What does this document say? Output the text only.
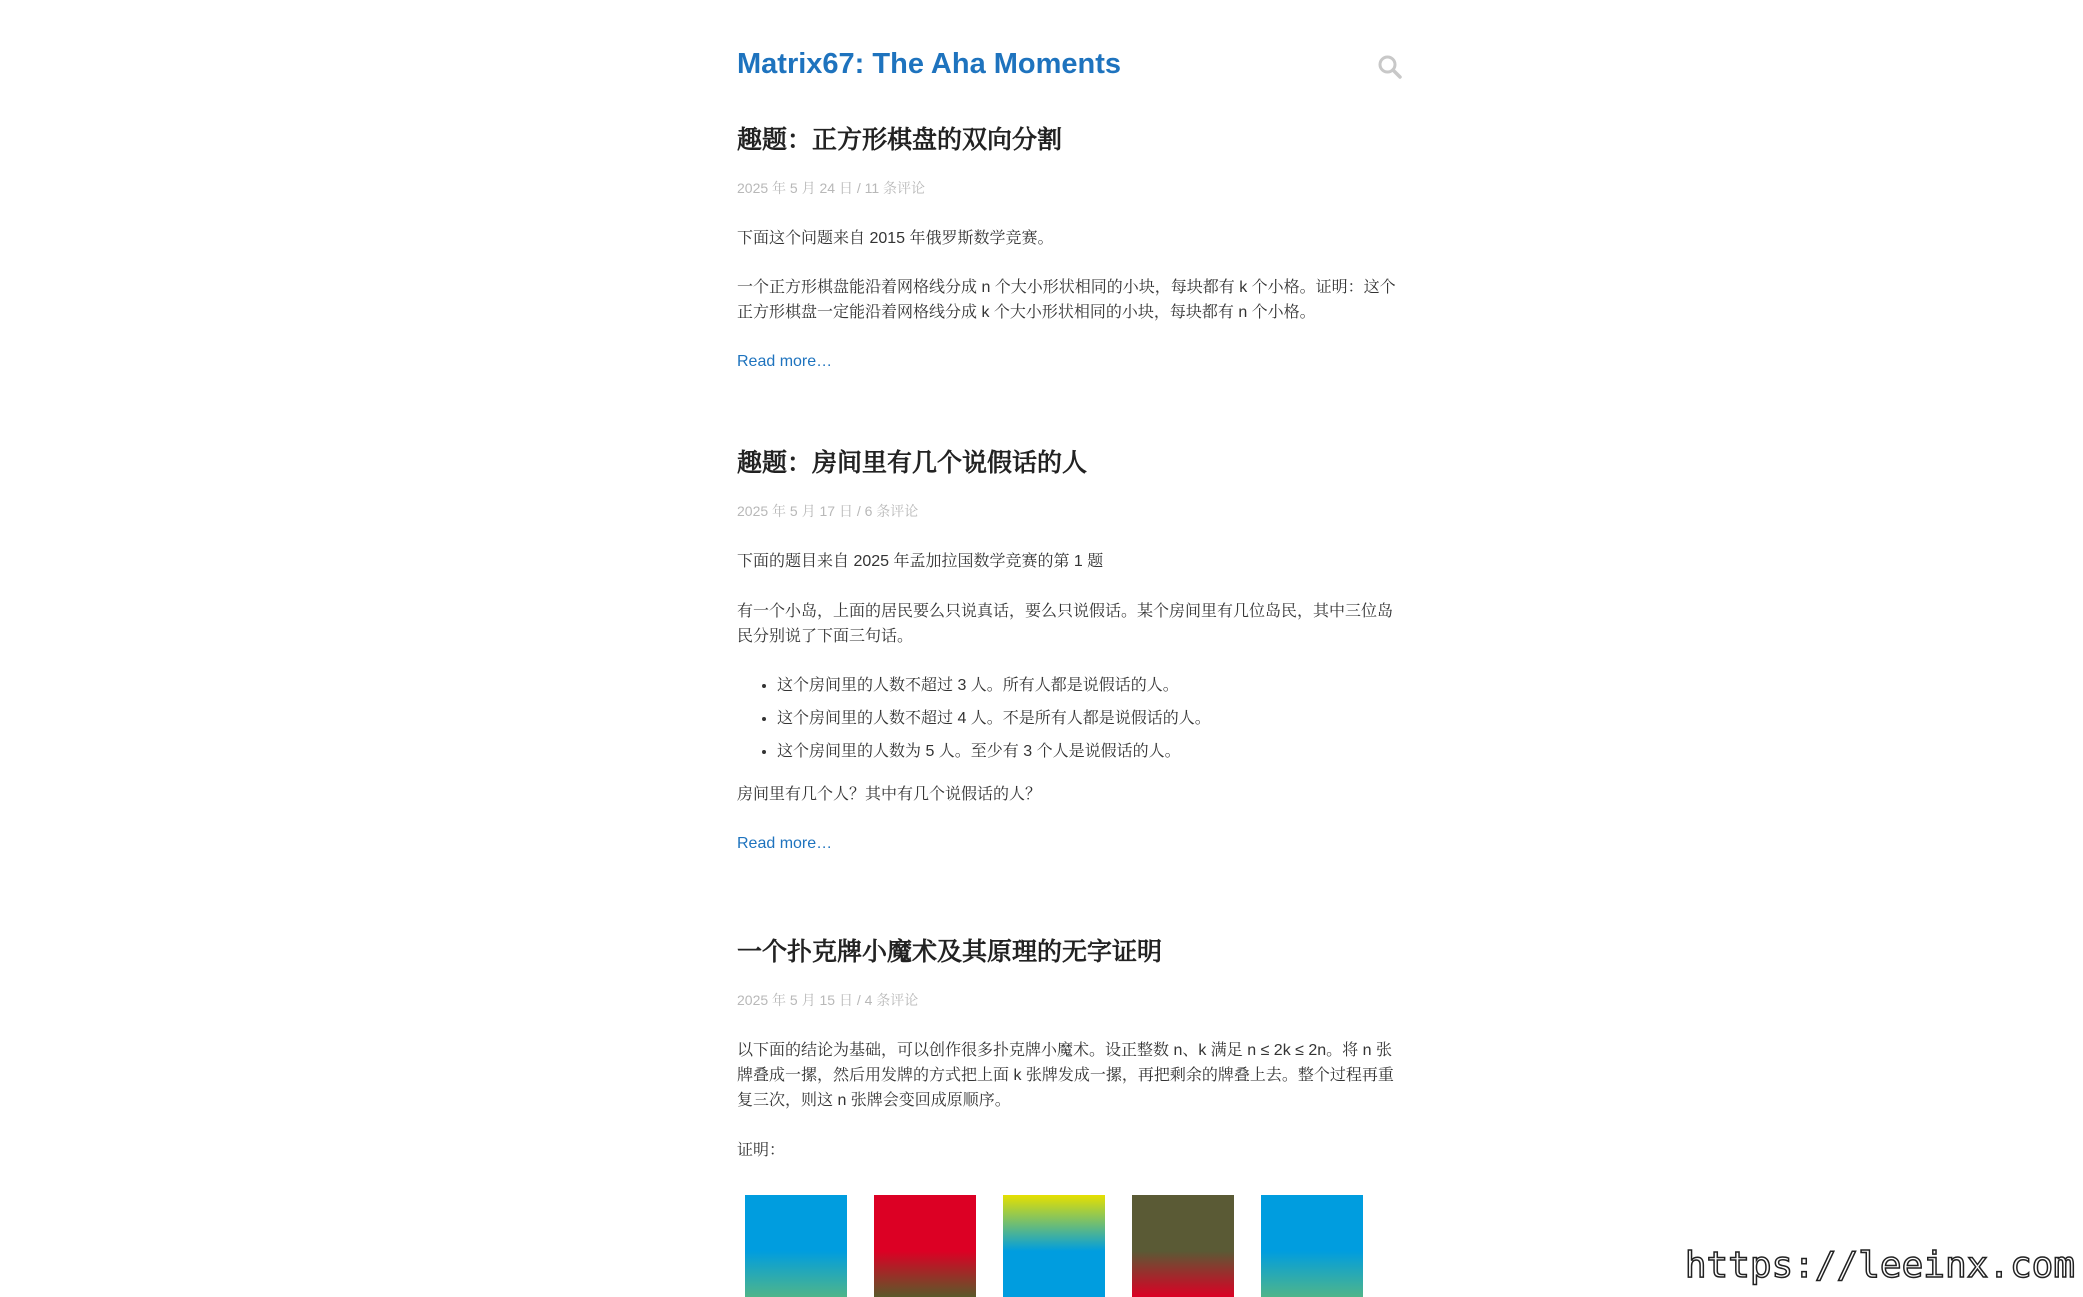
Matrix67: The Aha Moments
趣题：正方形棋盘的双向分割
2025 年 5 月 24 日 / 11 条评论

下面这个问题来自 2015 年俄罗斯数学竞赛。

一个正方形棋盘能沿着网格线分成 n 个大小形状相同的小块，每块都有 k 个小格。证明：这个正方形棋盘一定能沿着网格线分成 k 个大小形状相同的小块，每块都有 n 个小格。

Read more…
趣题：房间里有几个说假话的人
2025 年 5 月 17 日 / 6 条评论

下面的题目来自 2025 年孟加拉国数学竞赛的第 1 题

有一个小岛，上面的居民要么只说真话，要么只说假话。某个房间里有几位岛民，其中三位岛民分别说了下面三句话。

• 这个房间里的人数不超过 3 人。所有人都是说假话的人。
• 这个房间里的人数不超过 4 人。不是所有人都是说假话的人。
• 这个房间里的人数为 5 人。至少有 3 个人是说假话的人。

房间里有几个人？其中有几个说假话的人？

Read more…
一个扑克牌小魔术及其原理的无字证明
2025 年 5 月 15 日 / 4 条评论

以下面的结论为基础，可以创作很多扑克牌小魔术。设正整数 n、k 满足 n ≤ 2k ≤ 2n。将 n 张牌叠成一摞，然后用发牌的方式把上面 k 张牌发成一摞，再把剩余的牌叠上去。整个过程再重复三次，则这 n 张牌会变回成原顺序。

证明：

https://leeinx.com
